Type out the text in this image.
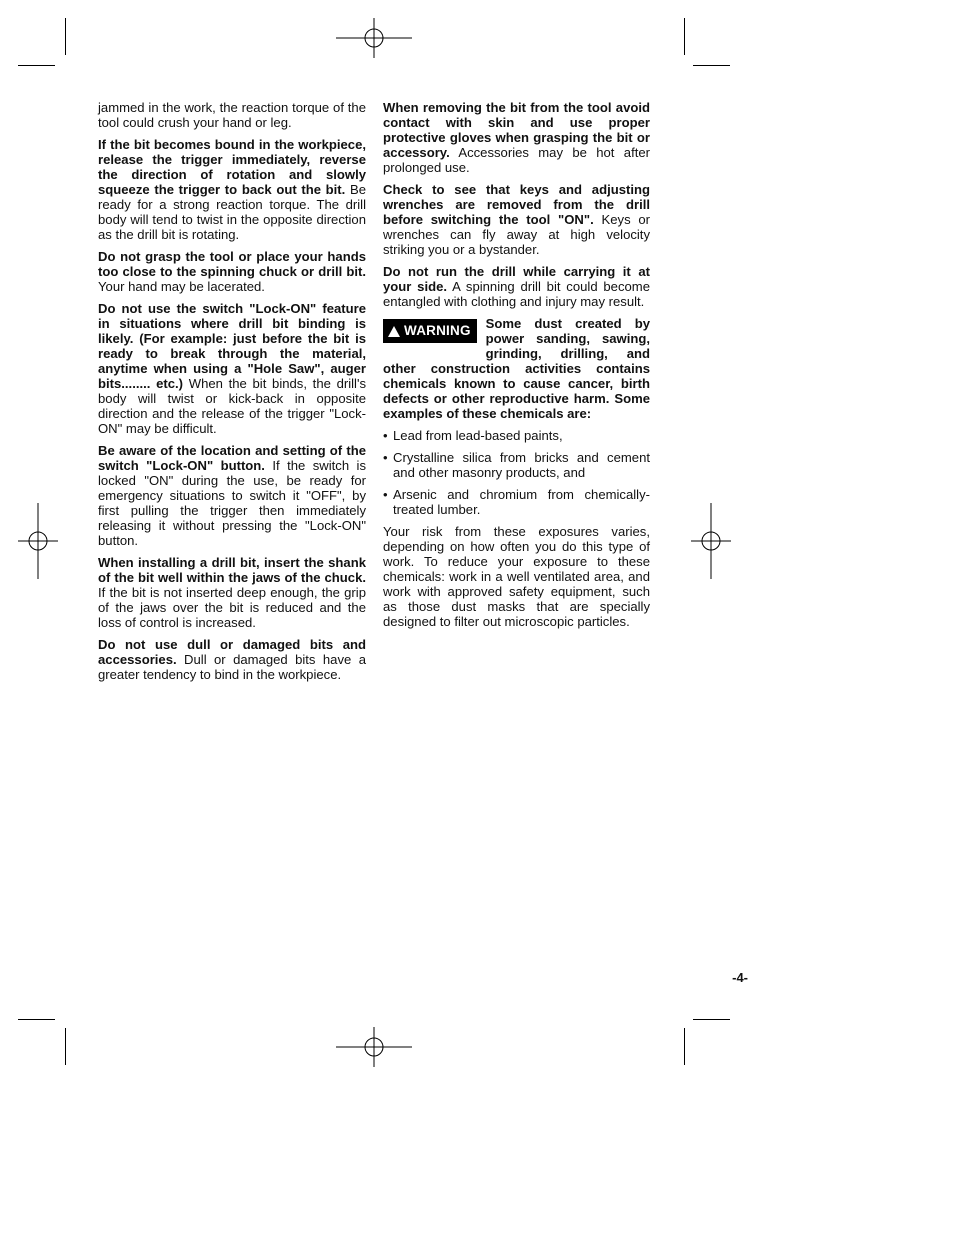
jammed in the work, the reaction torque of the tool could crush your hand or leg.

If the bit becomes bound in the workpiece, release the trigger immediately, reverse the direction of rotation and slowly squeeze the trigger to back out the bit. Be ready for a strong reaction torque. The drill body will tend to twist in the opposite direction as the drill bit is rotating.

Do not grasp the tool or place your hands too close to the spinning chuck or drill bit. Your hand may be lacerated.

Do not use the switch "Lock-ON" feature in situations where drill bit binding is likely. (For example: just before the bit is ready to break through the material, anytime when using a "Hole Saw", auger bits........ etc.) When the bit binds, the drill's body will twist or kick-back in opposite direction and the release of the trigger "Lock-ON" may be difficult.

Be aware of the location and setting of the switch "Lock-ON" button. If the switch is locked "ON" during the use, be ready for emergency situations to switch it "OFF", by first pulling the trigger then immediately releasing it without pressing the "Lock-ON" button.

When installing a drill bit, insert the shank of the bit well within the jaws of the chuck. If the bit is not inserted deep enough, the grip of the jaws over the bit is reduced and the loss of control is increased.

Do not use dull or damaged bits and accessories. Dull or damaged bits have a greater tendency to bind in the workpiece.

When removing the bit from the tool avoid contact with skin and use proper protective gloves when grasping the bit or accessory. Accessories may be hot after prolonged use.

Check to see that keys and adjusting wrenches are removed from the drill before switching the tool "ON". Keys or wrenches can fly away at high velocity striking you or a bystander.

Do not run the drill while carrying it at your side. A spinning drill bit could become entangled with clothing and injury may result.

WARNING	Some dust created by power sanding, sawing, grinding, drilling, and other construction activities contains chemicals known to cause cancer, birth defects or other reproductive harm. Some examples of these chemicals are:

• Lead from lead-based paints,
• Crystalline silica from bricks and cement and other masonry products, and
• Arsenic and chromium from chemically-treated lumber.

Your risk from these exposures varies, depending on how often you do this type of work. To reduce your exposure to these chemicals: work in a well ventilated area, and work with approved safety equipment, such as those dust masks that are specially designed to filter out microscopic particles.

-4-
